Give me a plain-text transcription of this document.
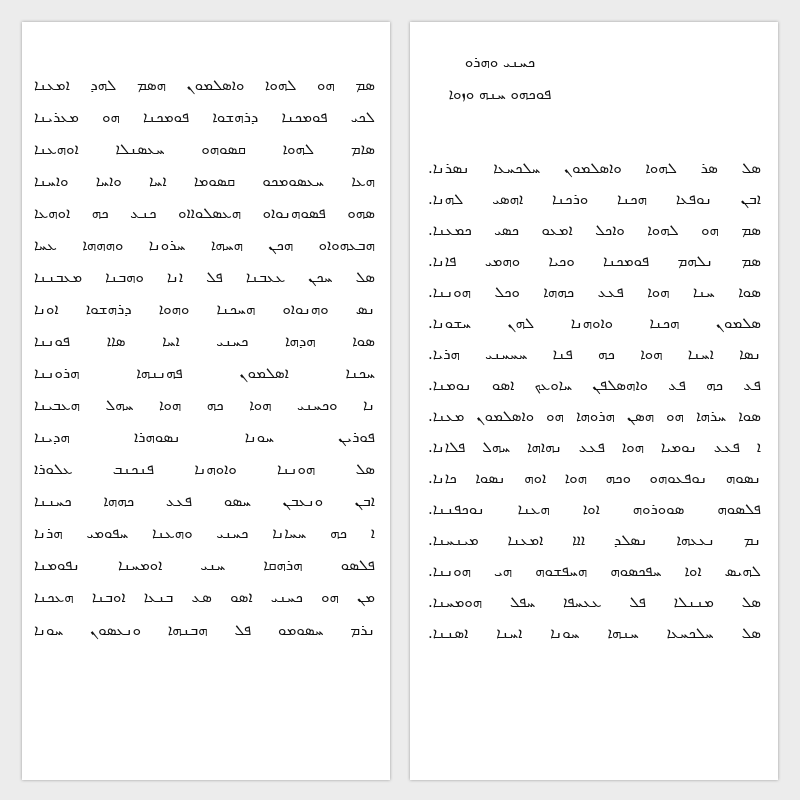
ܣܡ ܗܘ ܠܗܘܐ ܘܐܣܠܡܘܢ ܗܣܡ ܠܗܕ ܐܡܥܢܐ
ܠܟܝ ܦܘܡܟܢܐ ܕܪܗܫܘܐ ܦܘܡܟܢܐ ܗܘ ܡܥܪܝܢܐ
ܣܐܡ ܠܗܘܐ ܩܣܘܗܘ ܚܥܣܢܠܐ ܐܘܗܥܢܐ
ܗܥܐ ܚܥܣܘܡܟܘ ܩܣܘܡܐ ܐܚܐ ܘܐܚܐ ܘܐܚܢܐ
ܣܗܘ ܦܣܘܗܢܘܐܘ ܗܥܣܠܘܐܐܘ ܟܢܥ ܟܗ ܐܘܗܥܐ
ܗܒܥܗܘܐܘ ܗܟܢ ܗܚܗܐ ܚܪܘܢܐ ܘܗܗܗܐ ܥܚܐ
ܣܠ ܚܟܢ ܥܥܒܢܐ ܦܠ ܐܢܐ ܘܗܒܢܐ ܡܥܒܢܢܐ
ܢܣ ܘܗܢܘܐܘ ܗܚܟܢܐ ܘܗܘܐ ܕܪܗܫܘܐ ܐܘܢܐ
ܣܘܐ ܗܕܗܐ ܟܚܢܝ ܐܚܐ ܣܐܐ ܦܘܢܢܐ
ܚܟܢܐ ܐܣܠܡܘܢ ܦܗܢܢܗܐ ܗܪܘܢܢܐ
ܢܐ ܘܟܚܢܝ ܗܘܐ ܟܗ ܗܘܐ ܚܗܠ ܗܥܒܝܢܐ
ܦܘܪܝܢ ܚܘܢܐ ܢܣܘܗܪܐ ܗܕܝܢܐ
ܣܠ ܗܘܢܢܐ ܘܐܘܗܢܐ ܦܢܟܢܒ ܥܠܘܪܐ
ܐܒܢ ܘܢܥܒܢ ܚܣܘ ܦܥܥ ܟܗܗܐ ܟܚܢܢܐ
ܐ ܟܗ ܚܚܐܢܐ ܟܚܢܝ ܘܗܥܢܐ ܚܦܘܡܝ ܗܪܢܐ
ܦܠܣܘ ܗܪܗܩܐ ܚܢܝ ܐܘܡܚܢܐ ܢܦܘܡܢܐ
ܡܢ ܗܘ ܟܚܢܝ ܐܣܘ ܣܥ ܒܢܥܐ ܐܘܒܢܐ ܗܥܟܢܐ
ܢܪܡ ܚܣܘܡܘ ܦܠ ܗܒܢܗܐ ܘܢܥܣܘܢ ܚܘܢܐ
ܟܚܢܝ ܘܗܪܘ
ܦܘܟܗܘ ܚܢܗ ܘܙܘܐ
ܣܠ ܣܪ ܠܗܘܐ ܘܐܣܠܡܘܢ ܚܠܟܚܥܐ ܢܣܪܢܐ.
ܐܒܢ ܢܘܦܥܐ ܗܟܢܐ ܘܪܟܢܐ ܐܗܣܝ ܠܗܢܐ.
ܣܡ ܗܘ ܠܗܘܐ ܘܐܟܠ ܐܡܥܘ ܟܣܝ ܟܡܥܢܐ.
ܣܡ ܢܠܗܡ ܦܘܡܟܢܐ ܘܟܝܐ ܘܗܡܝ ܦܐܢܐ.
ܣܘܐ ܚܢܐ ܗܘܐ ܦܥܥ ܟܗܗܐ ܘܟܠ ܗܘܢܢܐ.
ܣܠܡܘܢ ܗܟܢܐ ܘܐܘܗܢܐ ܠܗܢ ܚܫܘܢܐ.
ܢܣܐ ܐܚܢܐ ܗܘܐ ܟܗ ܦܢܐ ܚܚܚܢܝ ܗܪܝܐ.
ܦܥ ܟܗ ܦܥ ܘܐܗܣܠܦܢ ܚܐܘܥܟ ܐܣܘ ܢܘܡܢܐ.
ܣܘܐ ܚܪܗܐ ܗܘ ܗܣܢ ܗܪܘܗܐ ܗܘ ܘܐܣܠܡܘܢ ܡܥܢܐ.
ܐ ܦܥܥ ܢܘܡܝܐ ܗܘܐ ܦܥܥ ܢܗܐܗܐ ܚܗܠ ܦܠܐܢܐ.
ܢܣܘܗ ܢܘܦܥܘܗܘ ܘܟܗ ܗܘܐ ܐܘܗ ܢܣܘܐ ܟܐܢܐ.
ܦܠܣܘܗ ܣܘܘܪܘܗ ܐܘܐ ܗܥܢܐ ܢܘܟܦܢܢܐ.
ܢܡ ܢܥܥܗܐ ܢܣܠܕ ܐܐܐ ܐܡܥܢܐ ܡܝܢܚܢܐ.
ܠܗܝܣ ܐܘܐ ܚܦܟܣܘܗ ܗܚܦܫܘܗ ܗܝ ܗܘܢܢܐ.
ܣܠ ܡܢܢܠܐ ܦܠ ܥܥܚܦܐ ܚܦܠ ܗܘܡܚܢܐ.
ܣܠ ܚܠܟܚܥܐ ܚܢܗܐ ܚܘܢܐ ܐܚܢܐ ܐܣܢܢܐ.
